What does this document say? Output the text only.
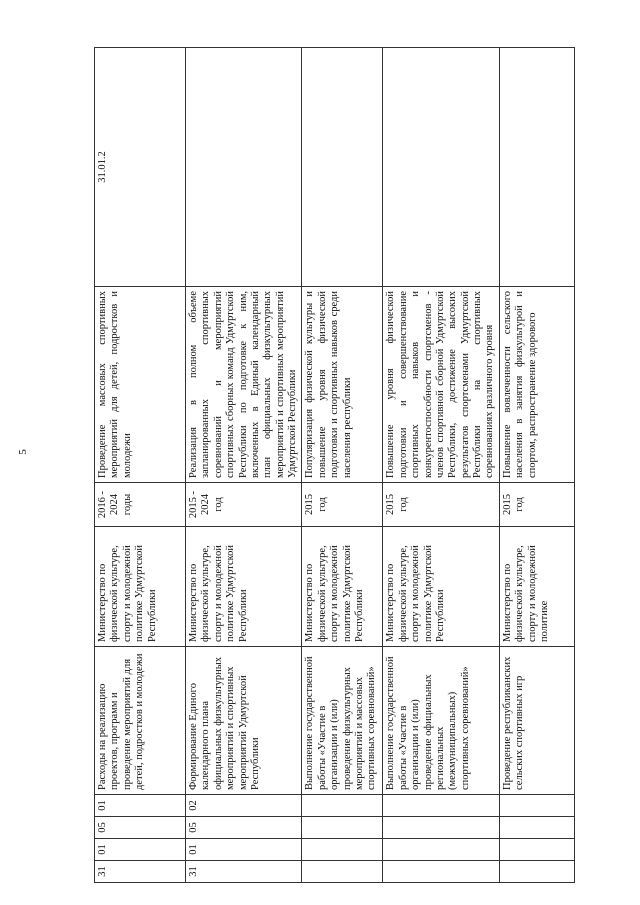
5
31	01	05	01	Расходы на реализацию проектов, программ и проведение мероприятий для детей, подростков и молодежи	Министерство по физической культуре, спорту и молодежной политике Удмуртской Республики	2016 - 2024 годы	Проведение массовых спортивных мероприятий для детей, подростков и молодежи	31.01.2
31	01	05	02	Формирование Единого календарного плана официальных физкультурных мероприятий и спортивных мероприятий Удмуртской Республики	Министерство по физической культуре, спорту и молодежной политике Удмуртской Республики	2015 - 2024 год	Реализация в полном объеме запланированных спортивных соревнований и мероприятий спортивных сборных команд Удмуртской Республики по подготовке к ним, включенных в Единый календарный план официальных физкультурных мероприятий и спортивных мероприятий Удмуртской Республики	
				Выполнение государственной работы «Участие в организации и (или) проведение физкультурных мероприятий и массовых спортивных соревнований»	Министерство по физической культуре, спорту и молодежной политике Удмуртской Республики	2015 год	Популяризация физической культуры и повышение уровня физической подготовки и спортивных навыков среди населения республики	
				Выполнение государственной работы «Участие в организации и (или) проведение официальных региональных (межмуниципальных) спортивных соревнований»	Министерство по физической культуре, спорту и молодежной политике Удмуртской Республики	2015 год	Повышение уровня физической подготовки и совершенствование спортивных навыков и конкурентоспособности спортсменов - членов спортивной сборной Удмуртской Республики, достижение высоких результатов спортсменами Удмуртской Республики на спортивных соревнованиях различного уровня	
				Проведение республиканских сельских спортивных игр	Министерство по физической культуре, спорту и молодежной политике	2015 год	Повышение вовлеченности сельского населения в занятия физкультурой и спортом, распространение здорового	
